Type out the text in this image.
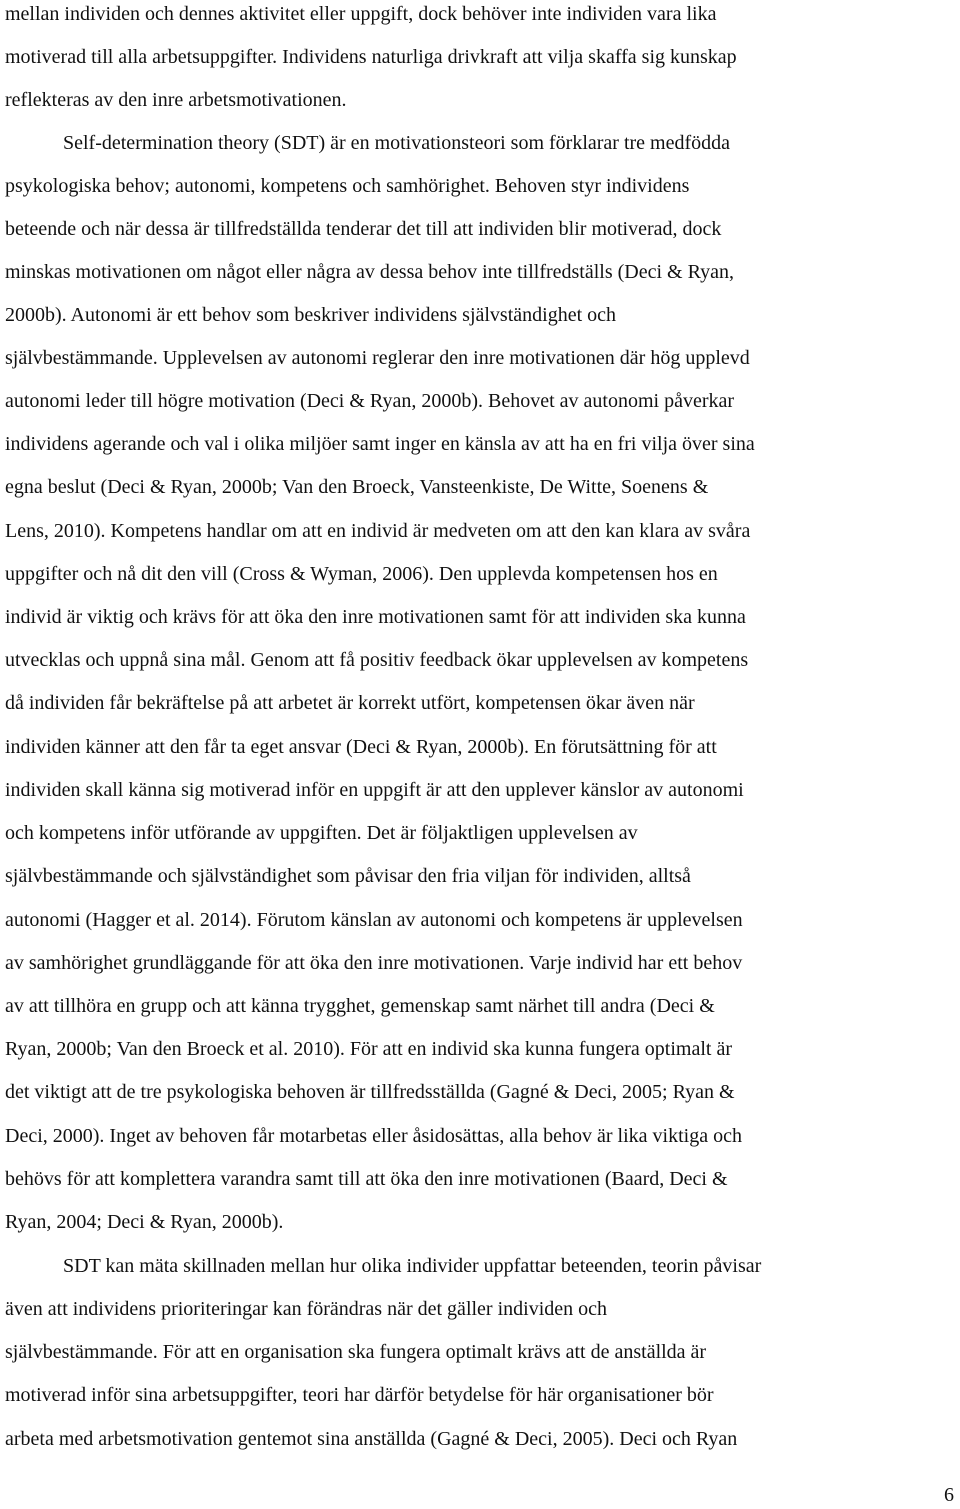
mellan individen och dennes aktivitet eller uppgift, dock behöver inte individen vara lika
motiverad till alla arbetsuppgifter. Individens naturliga drivkraft att vilja skaffa sig kunskap
reflekteras av den inre arbetsmotivationen.
Self-determination theory (SDT) är en motivationsteori som förklarar tre medfödda
psykologiska behov; autonomi, kompetens och samhörighet. Behoven styr individens
beteende och när dessa är tillfredställda tenderar det till att individen blir motiverad, dock
minskas motivationen om något eller några av dessa behov inte tillfredställs (Deci & Ryan,
2000b). Autonomi är ett behov som beskriver individens självständighet och
självbestämmande. Upplevelsen av autonomi reglerar den inre motivationen där hög upplevd
autonomi leder till högre motivation (Deci & Ryan, 2000b). Behovet av autonomi påverkar
individens agerande och val i olika miljöer samt inger en känsla av att ha en fri vilja över sina
egna beslut (Deci & Ryan, 2000b; Van den Broeck, Vansteenkiste, De Witte, Soenens &
Lens, 2010). Kompetens handlar om att en individ är medveten om att den kan klara av svåra
uppgifter och nå dit den vill (Cross & Wyman, 2006). Den upplevda kompetensen hos en
individ är viktig och krävs för att öka den inre motivationen samt för att individen ska kunna
utvecklas och uppnå sina mål. Genom att få positiv feedback ökar upplevelsen av kompetens
då individen får bekräftelse på att arbetet är korrekt utfört, kompetensen ökar även när
individen känner att den får ta eget ansvar (Deci & Ryan, 2000b). En förutsättning för att
individen skall känna sig motiverad inför en uppgift är att den upplever känslor av autonomi
och kompetens inför utförande av uppgiften. Det är följaktligen upplevelsen av
självbestämmande och självständighet som påvisar den fria viljan för individen, alltså
autonomi (Hagger et al. 2014). Förutom känslan av autonomi och kompetens är upplevelsen
av samhörighet grundläggande för att öka den inre motivationen. Varje individ har ett behov
av att tillhöra en grupp och att känna trygghet, gemenskap samt närhet till andra (Deci &
Ryan, 2000b; Van den Broeck et al. 2010). För att en individ ska kunna fungera optimalt är
det viktigt att de tre psykologiska behoven är tillfredsställda (Gagné & Deci, 2005; Ryan &
Deci, 2000). Inget av behoven får motarbetas eller åsidosättas, alla behov är lika viktiga och
behövs för att komplettera varandra samt till att öka den inre motivationen (Baard, Deci &
Ryan, 2004; Deci & Ryan, 2000b).
SDT kan mäta skillnaden mellan hur olika individer uppfattar beteenden, teorin påvisar
även att individens prioriteringar kan förändras när det gäller individen och
självbestämmande. För att en organisation ska fungera optimalt krävs att de anställda är
motiverad inför sina arbetsuppgifter, teori har därför betydelse för här organisationer bör
arbeta med arbetsmotivation gentemot sina anställda (Gagné & Deci, 2005). Deci och Ryan
6
